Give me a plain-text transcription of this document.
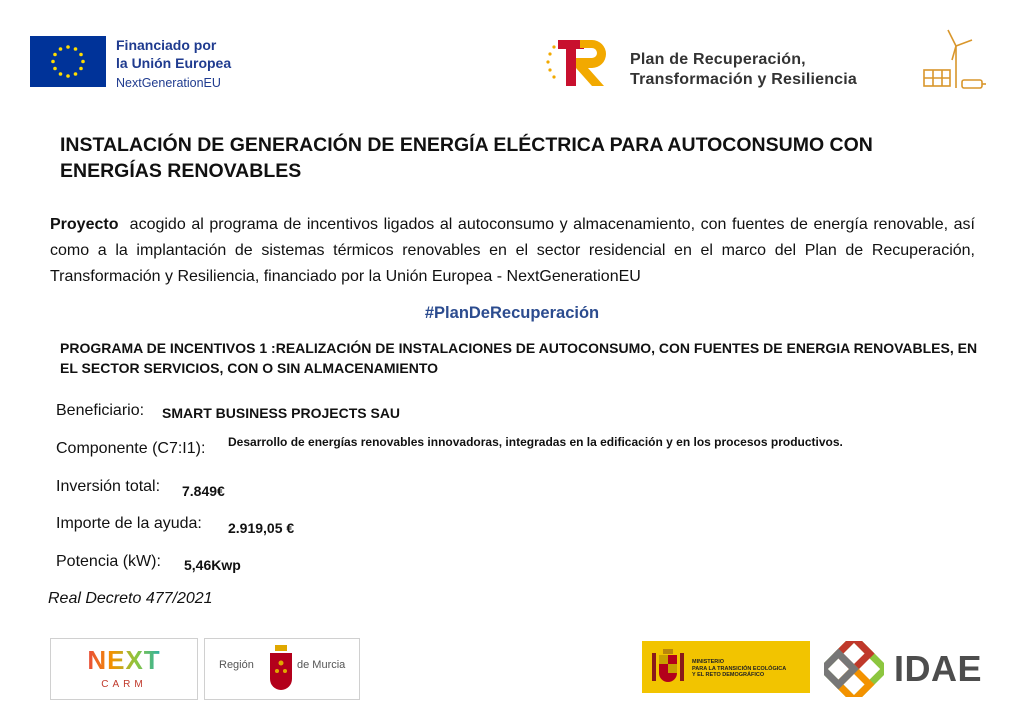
Financiado por
la Unión Europea
NextGenerationEU
Plan de Recuperación,
Transformación y Resiliencia
INSTALACIÓN DE GENERACIÓN DE ENERGÍA ELÉCTRICA PARA AUTOCONSUMO CON ENERGÍAS RENOVABLES
Proyecto acogido al programa de incentivos ligados al autoconsumo y almacenamiento, con fuentes de energía renovable, así como a la implantación de sistemas térmicos renovables en el sector residencial en el marco del Plan de Recuperación, Transformación y Resiliencia, financiado por la Unión Europea - NextGenerationEU
#PlanDeRecuperación
PROGRAMA DE INCENTIVOS 1 :REALIZACIÓN DE INSTALACIONES DE AUTOCONSUMO, CON FUENTES DE ENERGIA RENOVABLES, EN EL SECTOR SERVICIOS, CON O SIN ALMACENAMIENTO
Beneficiario: SMART BUSINESS PROJECTS SAU
Componente (C7:I1): Desarrollo de energías renovables innovadoras, integradas en la edificación y en los procesos productivos.
Inversión total: 7.849€
Importe de la ayuda: 2.919,05 €
Potencia (kW): 5,46Kwp
Real Decreto 477/2021
NEXT
CARM
Región	de Murcia	MINISTERIO
PARA LA TRANSICIÓN ECOLÓGICA
Y EL RETO DEMOGRÁFICO	IDAE
